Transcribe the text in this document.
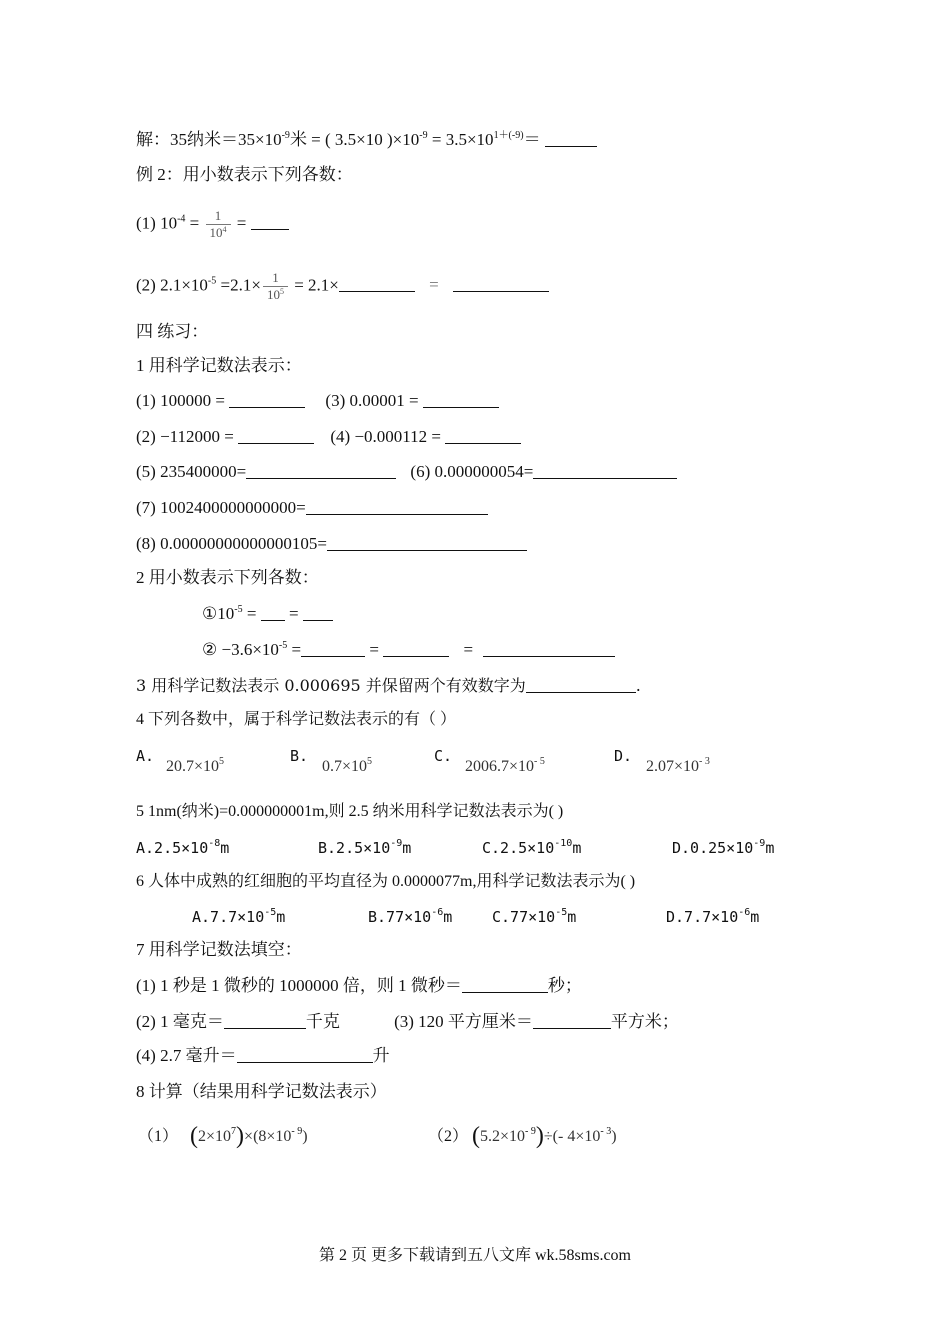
解：35纳米$=35\times 10^{-9}$米 = ( 3.5×10 )$\times 10^{-9} = 3.5\times 10^{1+(-9)}=$
例 2：用小数表示下列各数：
(1) $10^{-4} = \frac{1}{10^4}$ =
(2) $2.1\times 10^{-5} =2.1\times \frac{1}{10^5} = 2.1\times$	=
四 练习：
1 用科学记数法表示：
(1) 100000 =	(3) 0.00001 =
(2) −112000 =	(4) −0.000112 =
(5) 235400000=	(6) 0.000000054=
(7) 1002400000000000=
(8) 0.00000000000000105=
2 用小数表示下列各数：
$①10^{-5}$ =  =
② $-3.6\times 10^{-5}$ =	=	=
3 用科学记数法表示 0.000695 并保留两个有效数字为	.
4 下列各数中，属于科学记数法表示的有（ ）
A.
$20.7\times 10^5$	B.
$0.7\times 10^5$	C.
$2006.7\times 10^{- 5}$	D.
$2.07\times 10^{- 3}$
5 1nm(纳米)=0.000000001m,则 2.5 纳米用科学记数法表示为( )
$A.2.5\times 10^{-8}m$	$B.2.5\times 10^{-9}m$	$C.2.5\times 10^{-10}m$	$D.0.25\times 10^{-9}m$
6 人体中成熟的红细胞的平均直径为 0.0000077m,用科学记数法表示为( )
$A.7.7\times 10^{-5}m$	$B.77\times 10^{-6}m$	$C.77\times 10^{-5}m$	$D.7.7\times 10^{-6}m$
7 用科学记数法填空：
(1) 1 秒是 1 微秒的 1000000 倍，则 1 微秒＝	秒；
(2) 1 毫克＝	千克	(3) 120 平方厘米＝	平方米；
(4) 2.7 毫升＝	升
8 计算（结果用科学记数法表示）
（1） $(2\times 10^7)\times(8\times 10^{- 9})$	（2） $(5.2\times 10^{- 9})\div(-$ $4\times 10^{- 3}$)
第 2 页 更多下载请到五八文库 wk.58sms.com
